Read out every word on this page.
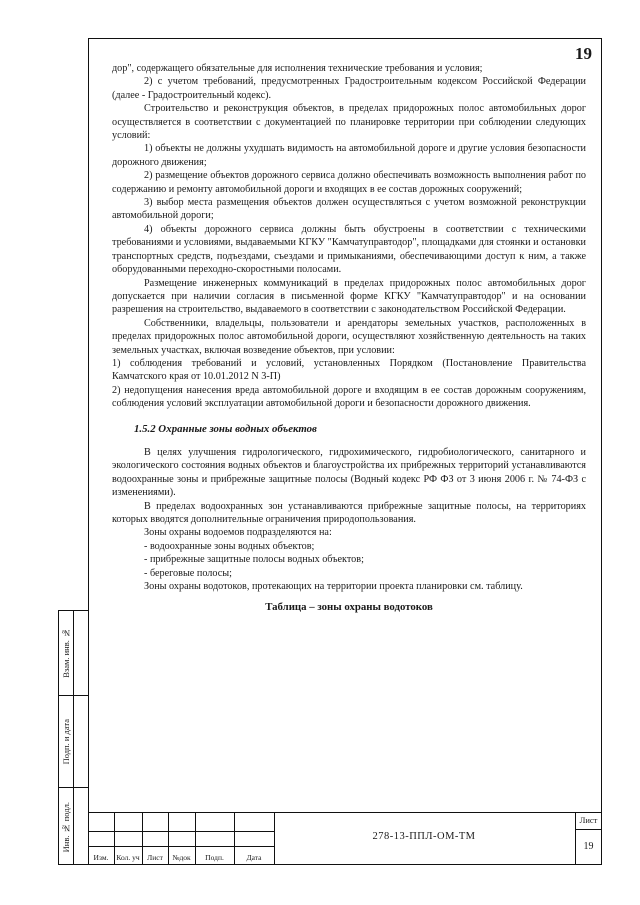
19

дор", содержащего обязательные для исполнения технические требования и условия;

2) с учетом требований, предусмотренных Градостроительным кодексом Российской Федерации (далее - Градостроительный кодекс).

Строительство и реконструкция объектов, в пределах придорожных полос автомобильных дорог осуществляется в соответствии с документацией по планировке территории при соблюдении следующих условий:

1) объекты не должны ухудшать видимость на автомобильной дороге и другие условия безопасности дорожного движения;

2) размещение объектов дорожного сервиса должно обеспечивать возможность выполнения работ по содержанию и ремонту автомобильной дороги и входящих в ее состав дорожных сооружений;

3) выбор места размещения объектов должен осуществляться с учетом возможной реконструкции автомобильной дороги;

4) объекты дорожного сервиса должны быть обустроены в соответствии с техническими требованиями и условиями, выдаваемыми КГКУ "Камчатуправтодор", площадками для стоянки и остановки транспортных средств, подъездами, съездами и примыканиями, обеспечивающими доступ к ним, а также оборудованными переходно-скоростными полосами.

Размещение инженерных коммуникаций в пределах придорожных полос автомобильных дорог допускается при наличии согласия в письменной форме КГКУ "Камчатуправтодор" и на основании разрешения на строительство, выдаваемого в соответствии с законодательством Российской Федерации.

Собственники, владельцы, пользователи и арендаторы земельных участков, расположенных в пределах придорожных полос автомобильной дороги, осуществляют хозяйственную деятельность на таких земельных участках, включая возведение объектов, при условии:

1) соблюдения требований и условий, установленных Порядком (Постановление Правительства Камчатского края от 10.01.2012 N 3-П)

2) недопущения нанесения вреда автомобильной дороге и входящим в ее состав дорожным сооружениям, соблюдения условий эксплуатации автомобильной дороги и безопасности дорожного движения.

1.5.2 Охранные зоны водных объектов

В целях улучшения гидрологического, гидрохимического, гидробиологического, санитарного и экологического состояния водных объектов и благоустройства их прибрежных территорий устанавливаются водоохранные зоны и прибрежные защитные полосы (Водный кодекс РФ ФЗ от 3 июня 2006 г. № 74-ФЗ с изменениями).

В пределах водоохранных зон устанавливаются прибрежные защитные полосы, на территориях которых вводятся дополнительные ограничения природопользования.

Зоны охраны водоемов подразделяются на:

- водоохранные зоны водных объектов;

- прибрежные защитные полосы водных объектов;

- береговые полосы;

Зоны охраны водотоков, протекающих на территории проекта планировки см. таблицу.

Таблица – зоны охраны водотоков
Взам. инв. №
Подп. и дата
Инв. № подл.
Изм.	Кол. уч	Лист	№док	Подп.	Дата
278-13-ППЛ-ОМ-ТМ
Лист
19
